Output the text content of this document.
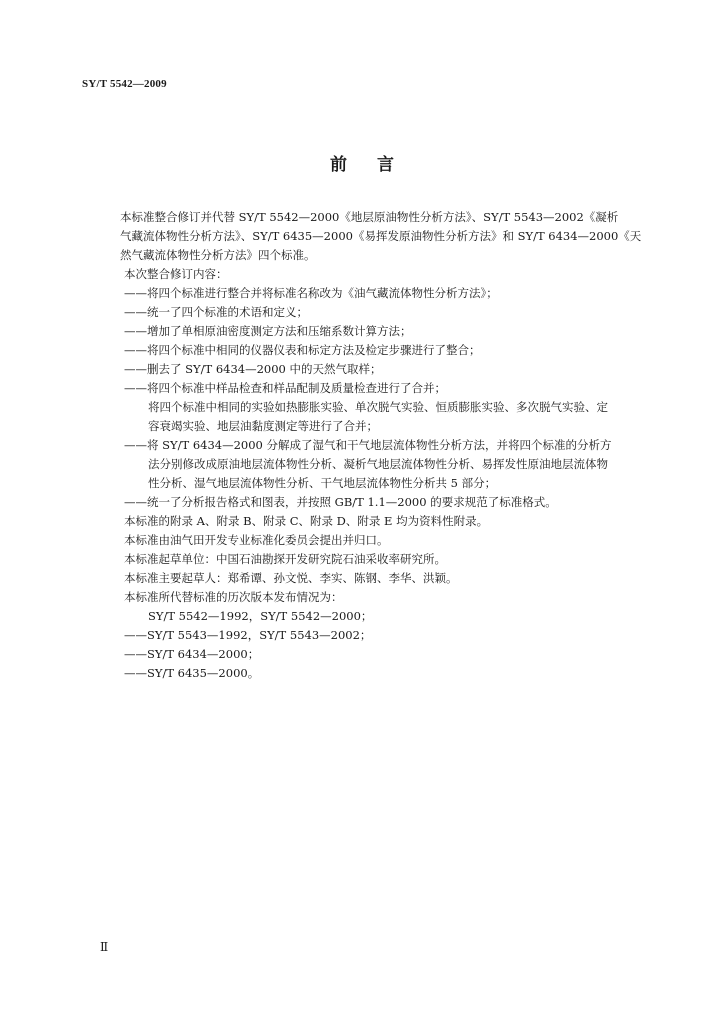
SY/T 5542—2009
前言
本标准整合修订并代替 SY/T 5542—2000《地层原油物性分析方法》、SY/T 5543—2002《凝析
气藏流体物性分析方法》、SY/T 6435—2000《易挥发原油物性分析方法》和 SY/T 6434—2000《天
然气藏流体物性分析方法》四个标准。
本次整合修订内容：
——将四个标准进行整合并将标准名称改为《油气藏流体物性分析方法》；
——统一了四个标准的术语和定义；
——增加了单相原油密度测定方法和压缩系数计算方法；
——将四个标准中相同的仪器仪表和标定方法及检定步骤进行了整合；
——删去了 SY/T 6434—2000 中的天然气取样；
——将四个标准中样品检查和样品配制及质量检查进行了合并；
将四个标准中相同的实验如热膨胀实验、单次脱气实验、恒质膨胀实验、多次脱气实验、定
容衰竭实验、地层油黏度测定等进行了合并；
——将 SY/T 6434—2000 分解成了湿气和干气地层流体物性分析方法，并将四个标准的分析方
法分别修改成原油地层流体物性分析、凝析气地层流体物性分析、易挥发性原油地层流体物
性分析、湿气地层流体物性分析、干气地层流体物性分析共 5 部分；
——统一了分析报告格式和图表，并按照 GB/T 1.1—2000 的要求规范了标准格式。
本标准的附录 A、附录 B、附录 C、附录 D、附录 E 均为资料性附录。
本标准由油气田开发专业标准化委员会提出并归口。
本标准起草单位：中国石油勘探开发研究院石油采收率研究所。
本标准主要起草人：郑希谭、孙文悦、李实、陈钢、李华、洪颖。
本标准所代替标准的历次版本发布情况为：
SY/T 5542—1992，SY/T 5542—2000；
——SY/T 5543—1992，SY/T 5543—2002；
——SY/T 6434—2000；
——SY/T 6435—2000。
Ⅱ
